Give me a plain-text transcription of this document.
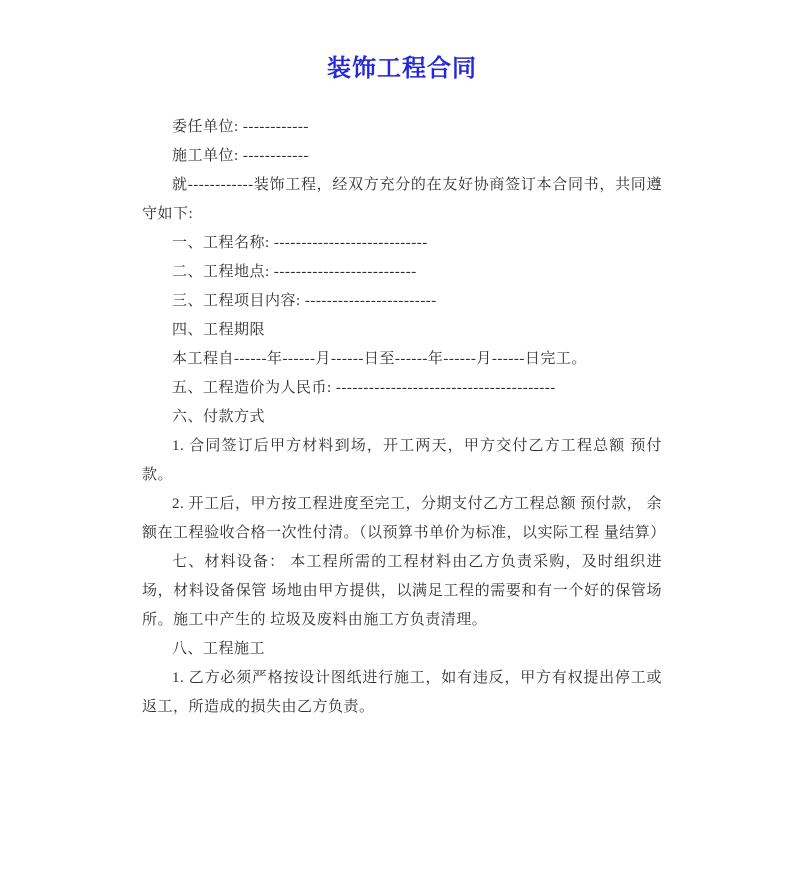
装饰工程合同

委任单位: ------------

施工单位: ------------

就------------装饰工程，经双方充分的在友好协商签订本合同书，共同遵守如下:

一、工程名称: ----------------------------

二、工程地点: --------------------------

三、工程项目内容: ------------------------

四、工程期限

本工程自------年------月------日至------年------月------日完工。

五、工程造价为人民币: ----------------------------------------

六、付款方式

1. 合同签订后甲方材料到场，开工两天，甲方交付乙方工程总额 预付 款。

2. 开工后，甲方按工程进度至完工，分期支付乙方工程总额 预付款， 余额在工程验收合格一次性付清。（以预算书单价为标准，以实际工程 量结算）

七、材料设备： 本工程所需的工程材料由乙方负责采购，及时组织进场，材料设备保管 场地由甲方提供，以满足工程的需要和有一个好的保管场所。施工中产生的 垃圾及废料由施工方负责清理。

八、工程施工

1. 乙方必须严格按设计图纸进行施工，如有违反，甲方有权提出停工或返工，所造成的损失由乙方负责。
